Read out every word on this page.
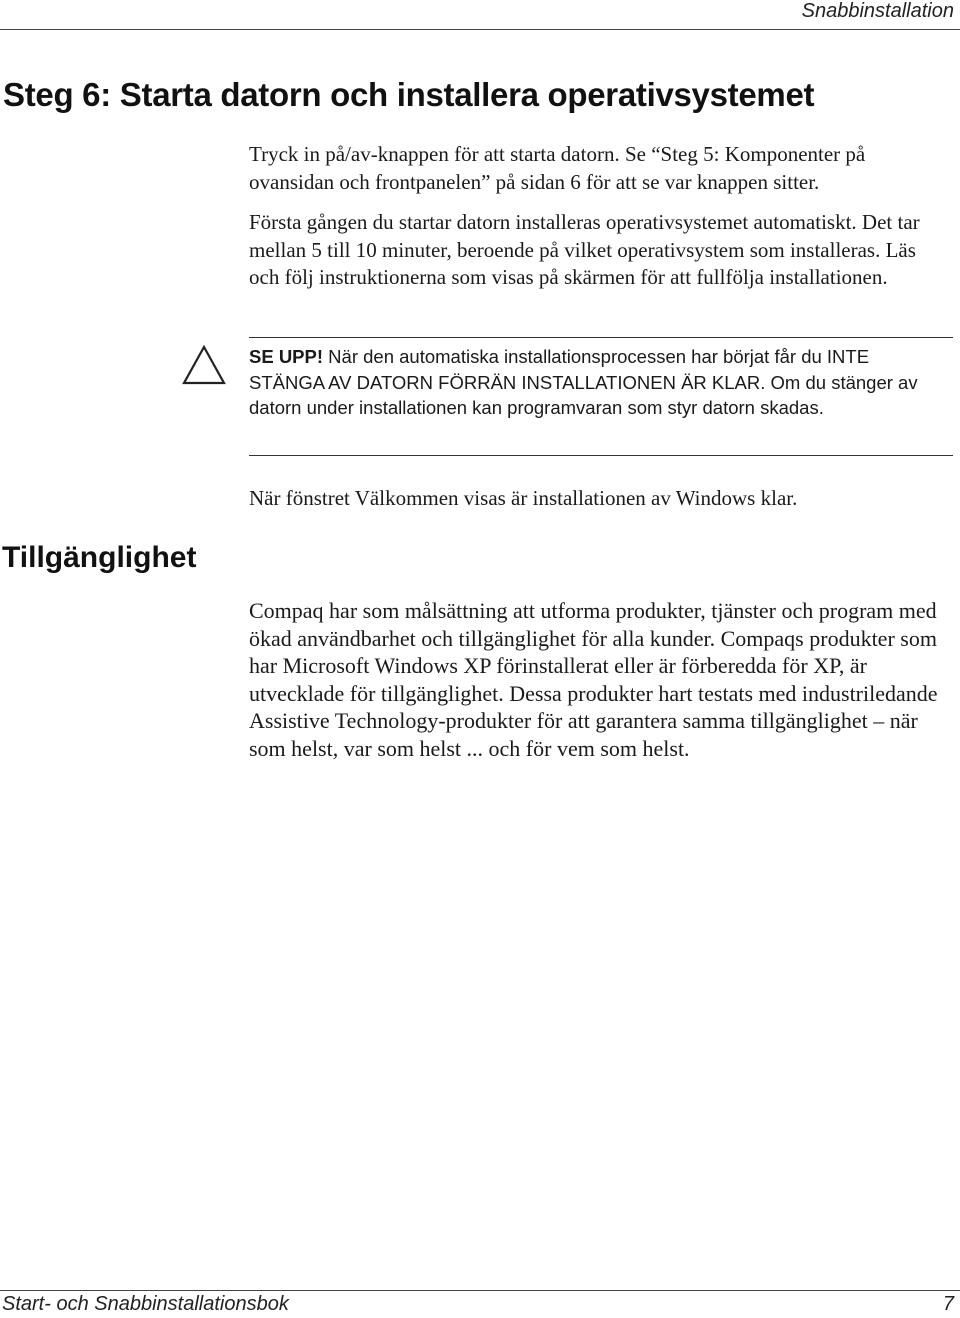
Snabbinstallation
Steg 6: Starta datorn och installera operativsystemet

Tryck in på/av-knappen för att starta datorn. Se “Steg 5: Komponenter på ovansidan och frontpanelen” på sidan 6 för att se var knappen sitter.

Första gången du startar datorn installeras operativsystemet automatiskt. Det tar mellan 5 till 10 minuter, beroende på vilket operativsystem som installeras. Läs och följ instruktionerna som visas på skärmen för att fullfölja installationen.

SE UPP! När den automatiska installationsprocessen har börjat får du INTE STÄNGA AV DATORN FÖRRÄN INSTALLATIONEN ÄR KLAR. Om du stänger av datorn under installationen kan programvaran som styr datorn skadas.

När fönstret Välkommen visas är installationen av Windows klar.

Tillgänglighet

Compaq har som målsättning att utforma produkter, tjänster och program med ökad användbarhet och tillgänglighet för alla kunder. Compaqs produkter som har Microsoft Windows XP förinstallerat eller är förberedda för XP, är utvecklade för tillgänglighet. Dessa produkter hart testats med industriledande Assistive Technology-produkter för att garantera samma tillgänglighet – när som helst, var som helst ... och för vem som helst.

Start- och Snabbinstallationsbok	7
